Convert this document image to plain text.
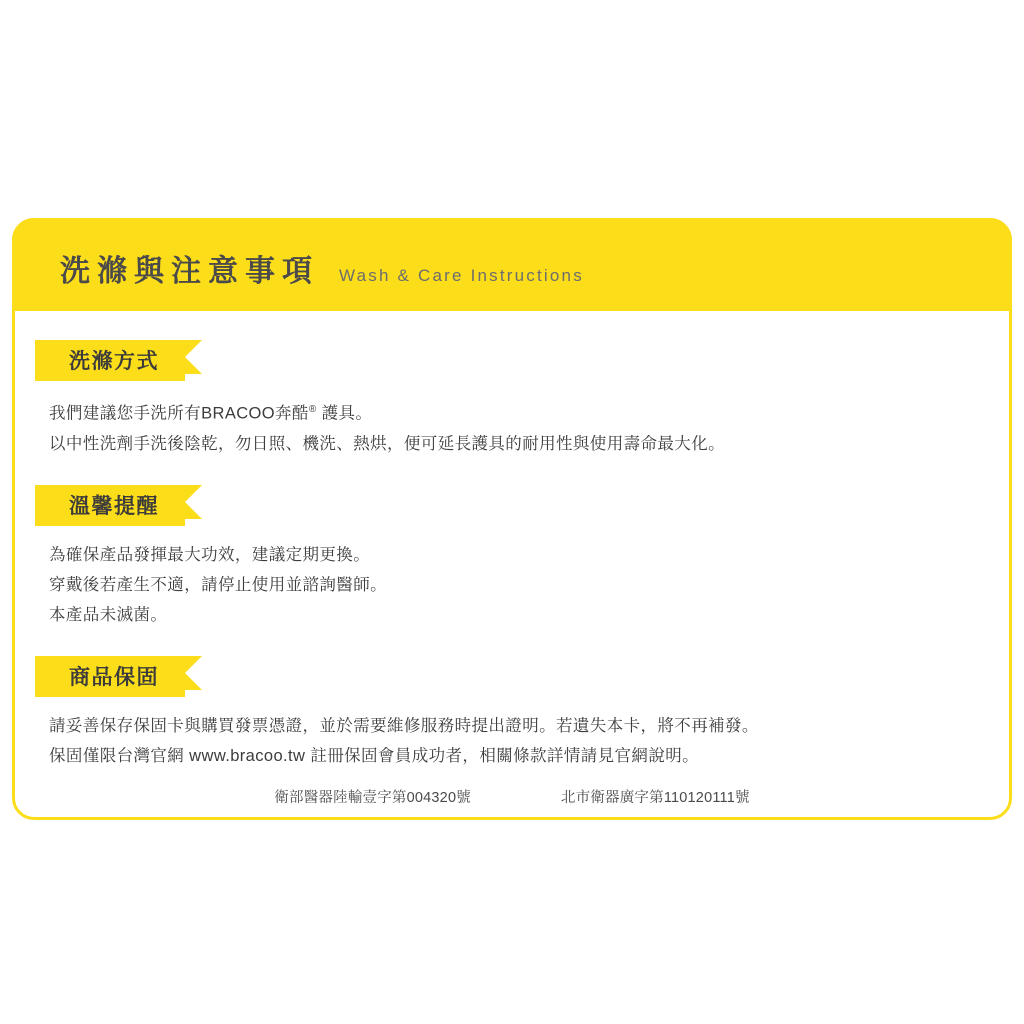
洗滌與注意事項 Wash & Care Instructions
洗滌方式
我們建議您手洗所有BRACOO奔酷® 護具。
以中性洗劑手洗後陰乾，勿日照、機洗、熱烘，便可延長護具的耐用性與使用壽命最大化。
溫馨提醒
為確保產品發揮最大功效，建議定期更換。
穿戴後若產生不適，請停止使用並諮詢醫師。
本產品未滅菌。
商品保固
請妥善保存保固卡與購買發票憑證，並於需要維修服務時提出證明。若遺失本卡，將不再補發。
保固僅限台灣官網 www.bracoo.tw 註冊保固會員成功者，相關條款詳情請見官網說明。
衛部醫器陸輸壹字第004320號	北市衛器廣字第110120111號
